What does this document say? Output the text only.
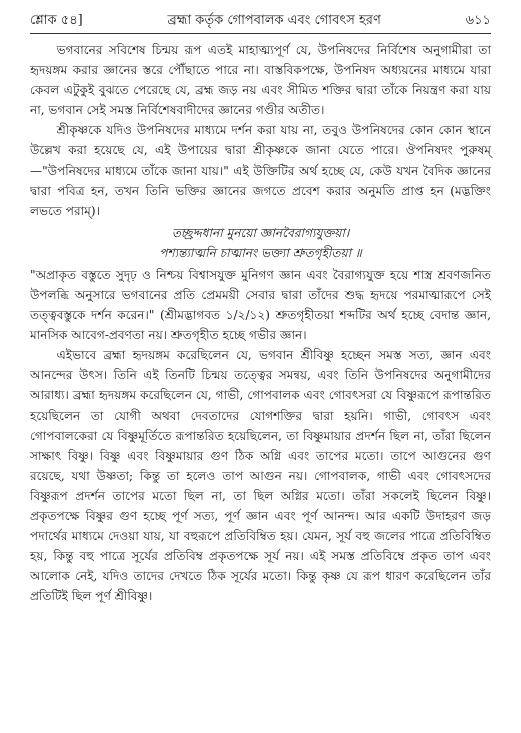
শ্লোক ৫৪]	ব্রহ্মা কর্তৃক গোপবালক এবং গোবৎস হরণ	৬১১

ভগবানের সবিশেষ চিন্ময় রূপ এতই মাহাত্ম্যপূর্ণ যে, উপনিষদের নির্বিশেষ অনুগামীরা তা হৃদয়ঙ্গম করার জ্ঞানের স্তরে পৌঁছাতে পারে না। বাস্তবিকপক্ষে, উপনিষদ অধ্যয়নের মাধ্যমে যারা কেবল এটুকুই বুঝতে পেরেছে যে, ব্রহ্ম জড় নয় এবং সীমিত শক্তির দ্বারা তাঁকে নিয়ন্ত্রণ করা যায় না, ভগবান সেই সমস্ত নির্বিশেষবাদীদের জ্ঞানের গণ্ডীর অতীত।

শ্রীকৃষ্ণকে যদিও উপনিষদের মাধ্যমে দর্শন করা যায় না, তবুও উপনিষদের কোন কোন স্থানে উল্লেখ করা হয়েছে যে, এই উপায়ের দ্বারা শ্রীকৃষ্ণকে জানা যেতে পারে। ঔপনিষদং পুরুষম্—"উপনিষদের মাধ্যমে তাঁকে জানা যায়।" এই উক্তিটির অর্থ হচ্ছে যে, কেউ যখন বৈদিক জ্ঞানের দ্বারা পবিত্র হন, তখন তিনি ভক্তির জ্ঞানের জগতে প্রবেশ করার অনুমতি প্রাপ্ত হন (মদ্ভক্তিং লভতে পরাম্)।

তচ্ছ্রদ্দধানা মুনয়ো জ্ঞানবৈরাগ্যযুক্তয়া।
পশ্যন্ত্যাত্মনি চাত্মানং ভক্ত্যা শ্রুতগৃহীতয়া ॥

"অপ্রাকৃত বস্তুতে সুদৃঢ় ও নিশ্চয় বিশ্বাসযুক্ত মুনিগণ জ্ঞান এবং বৈরাগ্যযুক্ত হয়ে শাস্ত্র শ্রবণজনিত উপলব্ধি অনুসারে ভগবানের প্রতি প্রেমময়ী সেবার দ্বারা তাঁদের শুদ্ধ হৃদয়ে পরমাত্মারূপে সেই তত্ত্ববস্তুকে দর্শন করেন।" (শ্রীমদ্ভাগবত ১/২/১২) শ্রুতগৃহীতয়া শব্দটির অর্থ হচ্ছে বেদান্ত জ্ঞান, মানসিক আবেগ-প্রবণতা নয়। শ্রুতগৃহীত হচ্ছে গভীর জ্ঞান।

এইভাবে ব্রহ্মা হৃদয়ঙ্গম করেছিলেন যে, ভগবান শ্রীবিষ্ণু হচ্ছেন সমস্ত সত্য, জ্ঞান এবং আনন্দের উৎস। তিনি এই তিনটি চিন্ময় তত্ত্বের সমন্বয়, এবং তিনি উপনিষদের অনুগামীদের আরাধ্য। ব্রহ্মা হৃদয়ঙ্গম করেছিলেন যে, গাভী, গোপবালক এবং গোবৎসরা যে বিষ্ণুরূপে রূপান্তরিত হয়েছিলেন তা যোগী অথবা দেবতাদের যোগশক্তির দ্বারা হয়নি। গাভী, গোবৎস এবং গোপবালকেরা যে বিষ্ণুমূর্তিতে রূপান্তরিত হয়েছিলেন, তা বিষ্ণুমায়ার প্রদর্শন ছিল না, তাঁরা ছিলেন সাক্ষাৎ বিষ্ণু। বিষ্ণু এবং বিষ্ণুমায়ার গুণ ঠিক অগ্নি এবং তাপের মতো। তাপে আগুনের গুণ রয়েছে, যথা উষ্ণতা; কিন্তু তা হলেও তাপ আগুন নয়। গোপবালক, গাভী এবং গোবৎসদের বিষ্ণুরূপ প্রদর্শন তাপের মতো ছিল না, তা ছিল অগ্নির মতো। তাঁরা সকলেই ছিলেন বিষ্ণু। প্রকৃতপক্ষে বিষ্ণুর গুণ হচ্ছে পূর্ণ সত্য, পূর্ণ জ্ঞান এবং পূর্ণ আনন্দ। আর একটি উদাহরণ জড় পদার্থের মাধ্যমে দেওয়া যায়, যা বহুরূপে প্রতিবিম্বিত হয়। যেমন, সূর্য বহু জলের পাত্রে প্রতিবিম্বিত হয়, কিন্তু বহু পাত্রে সূর্যের প্রতিবিম্ব প্রকৃতপক্ষে সূর্য নয়। এই সমস্ত প্রতিবিম্বে প্রকৃত তাপ এবং আলোক নেই, যদিও তাদের দেখতে ঠিক সূর্যের মতো। কিন্তু কৃষ্ণ যে রূপ ধারণ করেছিলেন তাঁর প্রতিটিই ছিল পূর্ণ শ্রীবিষ্ণু।
